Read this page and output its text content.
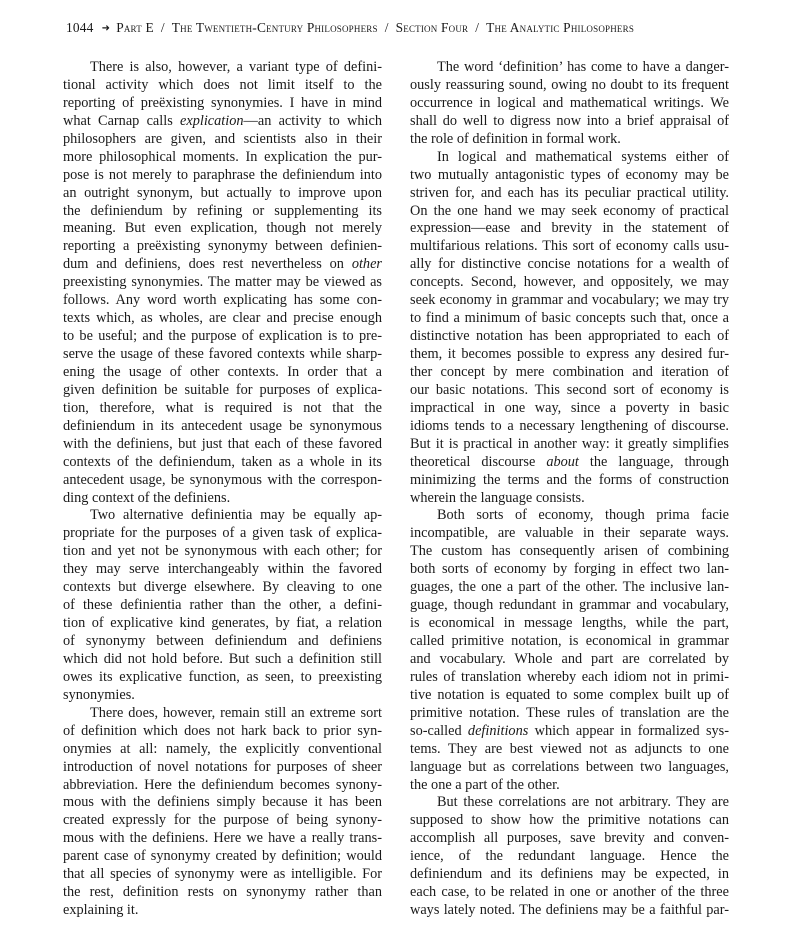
1044 ➜ Part E / The Twentieth-Century Philosophers / Section Four / The Analytic Philosophers
There is also, however, a variant type of defini-
tional activity which does not limit itself to the
reporting of preëxisting synonymies. I have in mind
what Carnap calls explication—an activity to which
philosophers are given, and scientists also in their
more philosophical moments. In explication the pur-
pose is not merely to paraphrase the definiendum into
an outright synonym, but actually to improve upon
the definiendum by refining or supplementing its
meaning. But even explication, though not merely
reporting a preëxisting synonymy between definien-
dum and definiens, does rest nevertheless on other
preexisting synonymies. The matter may be viewed as
follows. Any word worth explicating has some con-
texts which, as wholes, are clear and precise enough
to be useful; and the purpose of explication is to pre-
serve the usage of these favored contexts while sharp-
ening the usage of other contexts. In order that a
given definition be suitable for purposes of explica-
tion, therefore, what is required is not that the
definiendum in its antecedent usage be synonymous
with the definiens, but just that each of these favored
contexts of the definiendum, taken as a whole in its
antecedent usage, be synonymous with the correspon-
ding context of the definiens.
Two alternative definientia may be equally ap-
propriate for the purposes of a given task of explica-
tion and yet not be synonymous with each other; for
they may serve interchangeably within the favored
contexts but diverge elsewhere. By cleaving to one
of these definientia rather than the other, a defini-
tion of explicative kind generates, by fiat, a relation
of synonymy between definiendum and definiens
which did not hold before. But such a definition still
owes its explicative function, as seen, to preexisting
synonymies.
There does, however, remain still an extreme sort
of definition which does not hark back to prior syn-
onymies at all: namely, the explicitly conventional
introduction of novel notations for purposes of sheer
abbreviation. Here the definiendum becomes synony-
mous with the definiens simply because it has been
created expressly for the purpose of being synony-
mous with the definiens. Here we have a really trans-
parent case of synonymy created by definition; would
that all species of synonymy were as intelligible. For
the rest, definition rests on synonymy rather than
explaining it.
The word ‘definition’ has come to have a danger-
ously reassuring sound, owing no doubt to its frequent
occurrence in logical and mathematical writings. We
shall do well to digress now into a brief appraisal of
the role of definition in formal work.
In logical and mathematical systems either of
two mutually antagonistic types of economy may be
striven for, and each has its peculiar practical utility.
On the one hand we may seek economy of practical
expression—ease and brevity in the statement of
multifarious relations. This sort of economy calls usu-
ally for distinctive concise notations for a wealth of
concepts. Second, however, and oppositely, we may
seek economy in grammar and vocabulary; we may try
to find a minimum of basic concepts such that, once a
distinctive notation has been appropriated to each of
them, it becomes possible to express any desired fur-
ther concept by mere combination and iteration of
our basic notations. This second sort of economy is
impractical in one way, since a poverty in basic
idioms tends to a necessary lengthening of discourse.
But it is practical in another way: it greatly simplifies
theoretical discourse about the language, through
minimizing the terms and the forms of construction
wherein the language consists.
Both sorts of economy, though prima facie
incompatible, are valuable in their separate ways.
The custom has consequently arisen of combining
both sorts of economy by forging in effect two lan-
guages, the one a part of the other. The inclusive lan-
guage, though redundant in grammar and vocabulary,
is economical in message lengths, while the part,
called primitive notation, is economical in grammar
and vocabulary. Whole and part are correlated by
rules of translation whereby each idiom not in primi-
tive notation is equated to some complex built up of
primitive notation. These rules of translation are the
so-called definitions which appear in formalized sys-
tems. They are best viewed not as adjuncts to one
language but as correlations between two languages,
the one a part of the other.
But these correlations are not arbitrary. They are
supposed to show how the primitive notations can
accomplish all purposes, save brevity and conven-
ience, of the redundant language. Hence the
definiendum and its definiens may be expected, in
each case, to be related in one or another of the three
ways lately noted. The definiens may be a faithful par-
